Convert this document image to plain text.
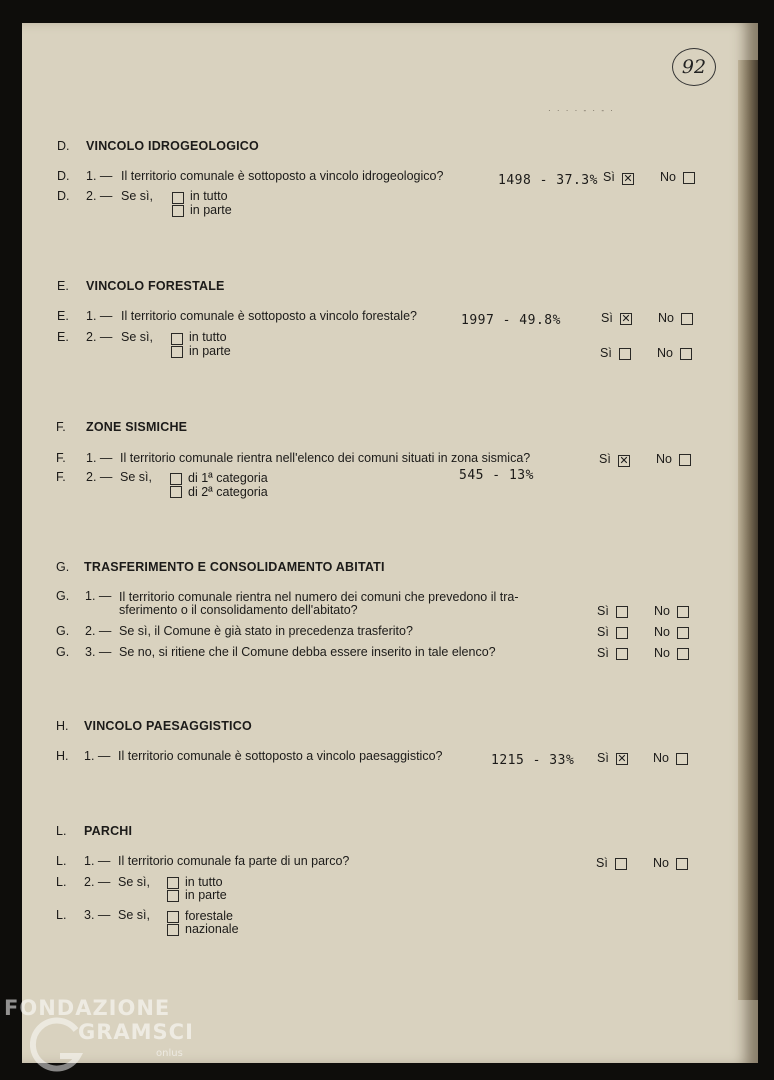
92
· · · · - · - ·
D. VINCOLO IDROGEOLOGICO
D. 1. — Il territorio comunale è sottoposto a vincolo idrogeologico?	1498 - 37.3% Sì ✕ No
D. 2. — Se sì,	in tutto
in parte
E. VINCOLO FORESTALE
E. 1. — Il territorio comunale è sottoposto a vincolo forestale?	1997 - 49.8%	Sì ✕ No
E. 2. — Se sì,	in tutto
in parte	Sì	No
F. ZONE SISMICHE
F. 1. — Il territorio comunale rientra nell'elenco dei comuni situati in zona sismica?	Sì ✕ No
F. 2. — Se sì,	di 1ª categoria
di 2ª categoria
545 - 13%
G. TRASFERIMENTO E CONSOLIDAMENTO ABITATI
G. 1. — Il territorio comunale rientra nel numero dei comuni che prevedono il tra-
sferimento o il consolidamento dell'abitato?	Sì	No
G. 2. — Se sì, il Comune è già stato in precedenza trasferito?	Sì	No
G. 3. — Se no, si ritiene che il Comune debba essere inserito in tale elenco?	Sì	No
H. VINCOLO PAESAGGISTICO
H. 1. — Il territorio comunale è sottoposto a vincolo paesaggistico?	1215 - 33% Sì ✕ No
L. PARCHI
L. 1. — Il territorio comunale fa parte di un parco?	Sì	No
L. 2. — Se sì,	in tutto
in parte
L. 3. — Se sì,	forestale
nazionale
FONDAZIONE
GRAMSCI
onlus
